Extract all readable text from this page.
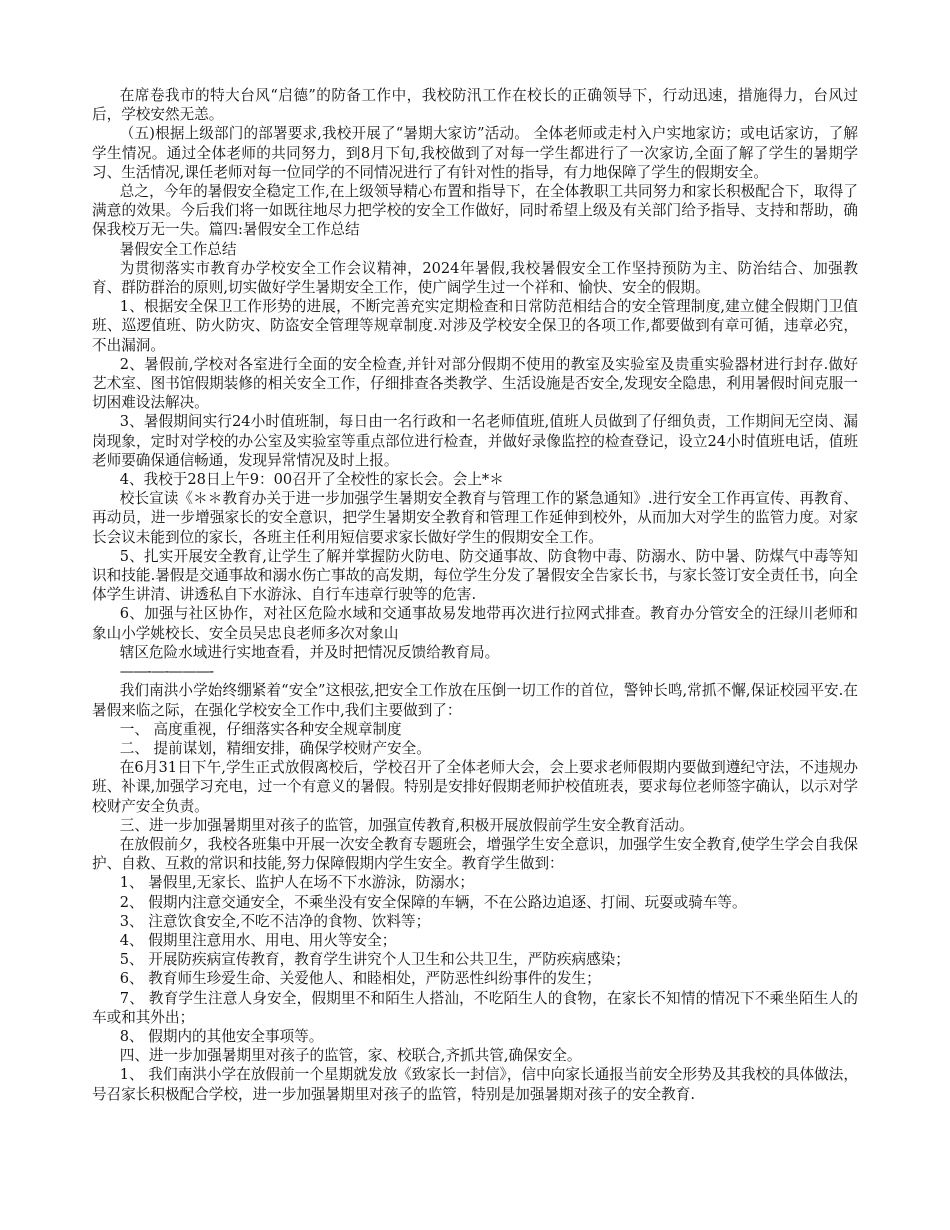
在席卷我市的特大台风“启德”的防备工作中，我校防汛工作在校长的正确领导下，行动迅速，措施得力，台风过后，学校安然无恙。

（五)根据上级部门的部署要求,我校开展了“暑期大家访”活动。 全体老师或走村入户实地家访；或电话家访，了解学生情况。通过全体老师的共同努力，到8月下旬,我校做到了对每一学生都进行了一次家访,全面了解了学生的暑期学习、生活情况,课任老师对每一位同学的不同情况进行了有针对性的指导，有力地保障了学生的假期安全。

总之，今年的暑假安全稳定工作,在上级领导精心布置和指导下，在全体教职工共同努力和家长积极配合下，取得了满意的效果。今后我们将一如既往地尽力把学校的安全工作做好，同时希望上级及有关部门给予指导、支持和帮助，确保我校万无一失。篇四:暑假安全工作总结

暑假安全工作总结

为贯彻落实市教育办学校安全工作会议精神，2024年暑假,我校暑假安全工作坚持预防为主、防治结合、加强教育、群防群治的原则,切实做好学生暑期安全工作，使广阔学生过一个祥和、愉快、安全的假期。

1、根据安全保卫工作形势的进展，不断完善充实定期检查和日常防范相结合的安全管理制度,建立健全假期门卫值班、巡逻值班、防火防灾、防盗安全管理等规章制度.对涉及学校安全保卫的各项工作,都要做到有章可循，违章必究，不出漏洞。

2、暑假前,学校对各室进行全面的安全检查,并针对部分假期不使用的教室及实验室及贵重实验器材进行封存.做好艺术室、图书馆假期装修的相关安全工作，仔细排查各类教学、生活设施是否安全,发现安全隐患，利用暑假时间克服一切困难设法解决。

3、暑假期间实行24小时值班制，每日由一名行政和一名老师值班,值班人员做到了仔细负责，工作期间无空岗、漏岗现象，定时对学校的办公室及实验室等重点部位进行检查，并做好录像监控的检查登记，设立24小时值班电话，值班老师要确保通信畅通，发现异常情况及时上报。

4、我校于28日上午9：00召开了全校性的家长会。会上*＊

校长宣读《＊＊教育办关于进一步加强学生暑期安全教育与管理工作的紧急通知》.进行安全工作再宣传、再教育、再动员，进一步增强家长的安全意识，把学生暑期安全教育和管理工作延伸到校外，从而加大对学生的监管力度。对家长会议未能到位的家长，各班主任利用短信要求家长做好学生的假期安全工作。

5、扎实开展安全教育,让学生了解并掌握防火防电、防交通事故、防食物中毒、防溺水、防中暑、防煤气中毒等知识和技能.暑假是交通事故和溺水伤亡事故的高发期，每位学生分发了暑假安全告家长书，与家长签订安全责任书，向全体学生讲清、讲透私自下水游泳、自行车违章行驶等的危害.

6、加强与社区协作，对社区危险水域和交通事故易发地带再次进行拉网式排查。教育办分管安全的汪绿川老师和象山小学姚校长、安全员吴忠良老师多次对象山

辖区危险水域进行实地查看，并及时把情况反馈给教育局。

——-—-———-

我们南洪小学始终绷紧着“安全”这根弦,把安全工作放在压倒一切工作的首位，警钟长鸣,常抓不懈,保证校园平安.在暑假来临之际，在强化学校安全工作中,我们主要做到了：

一、 高度重视，仔细落实各种安全规章制度

二、 提前谋划，精细安排，确保学校财产安全。

在6月31日下午,学生正式放假离校后，学校召开了全体老师大会，会上要求老师假期内要做到遵纪守法，不违规办班、补课,加强学习充电，过一个有意义的暑假。特别是安排好假期老师护校值班表，要求每位老师签字确认，以示对学校财产安全负责。

三、进一步加强暑期里对孩子的监管，加强宣传教育,积极开展放假前学生安全教育活动。

在放假前夕，我校各班集中开展一次安全教育专题班会，增强学生安全意识，加强学生安全教育,使学生学会自我保护、自救、互救的常识和技能,努力保障假期内学生安全。教育学生做到：

1、 暑假里,无家长、监护人在场不下水游泳，防溺水；

2、 假期内注意交通安全，不乘坐没有安全保障的车辆，不在公路边追逐、打闹、玩耍或骑车等。

3、 注意饮食安全,不吃不洁净的食物、饮料等；

4、 假期里注意用水、用电、用火等安全；

5、 开展防疾病宣传教育，教育学生讲究个人卫生和公共卫生，严防疾病感染；

6、 教育师生珍爱生命、关爱他人、和睦相处，严防恶性纠纷事件的发生；

7、 教育学生注意人身安全，假期里不和陌生人搭汕，不吃陌生人的食物，在家长不知情的情况下不乘坐陌生人的车或和其外出；

8、 假期内的其他安全事项等。

四、进一步加强暑期里对孩子的监管，家、校联合,齐抓共管,确保安全。

1、 我们南洪小学在放假前一个星期就发放《致家长一封信》，信中向家长通报当前安全形势及其我校的具体做法，号召家长积极配合学校，进一步加强暑期里对孩子的监管，特别是加强暑期对孩子的安全教育.
